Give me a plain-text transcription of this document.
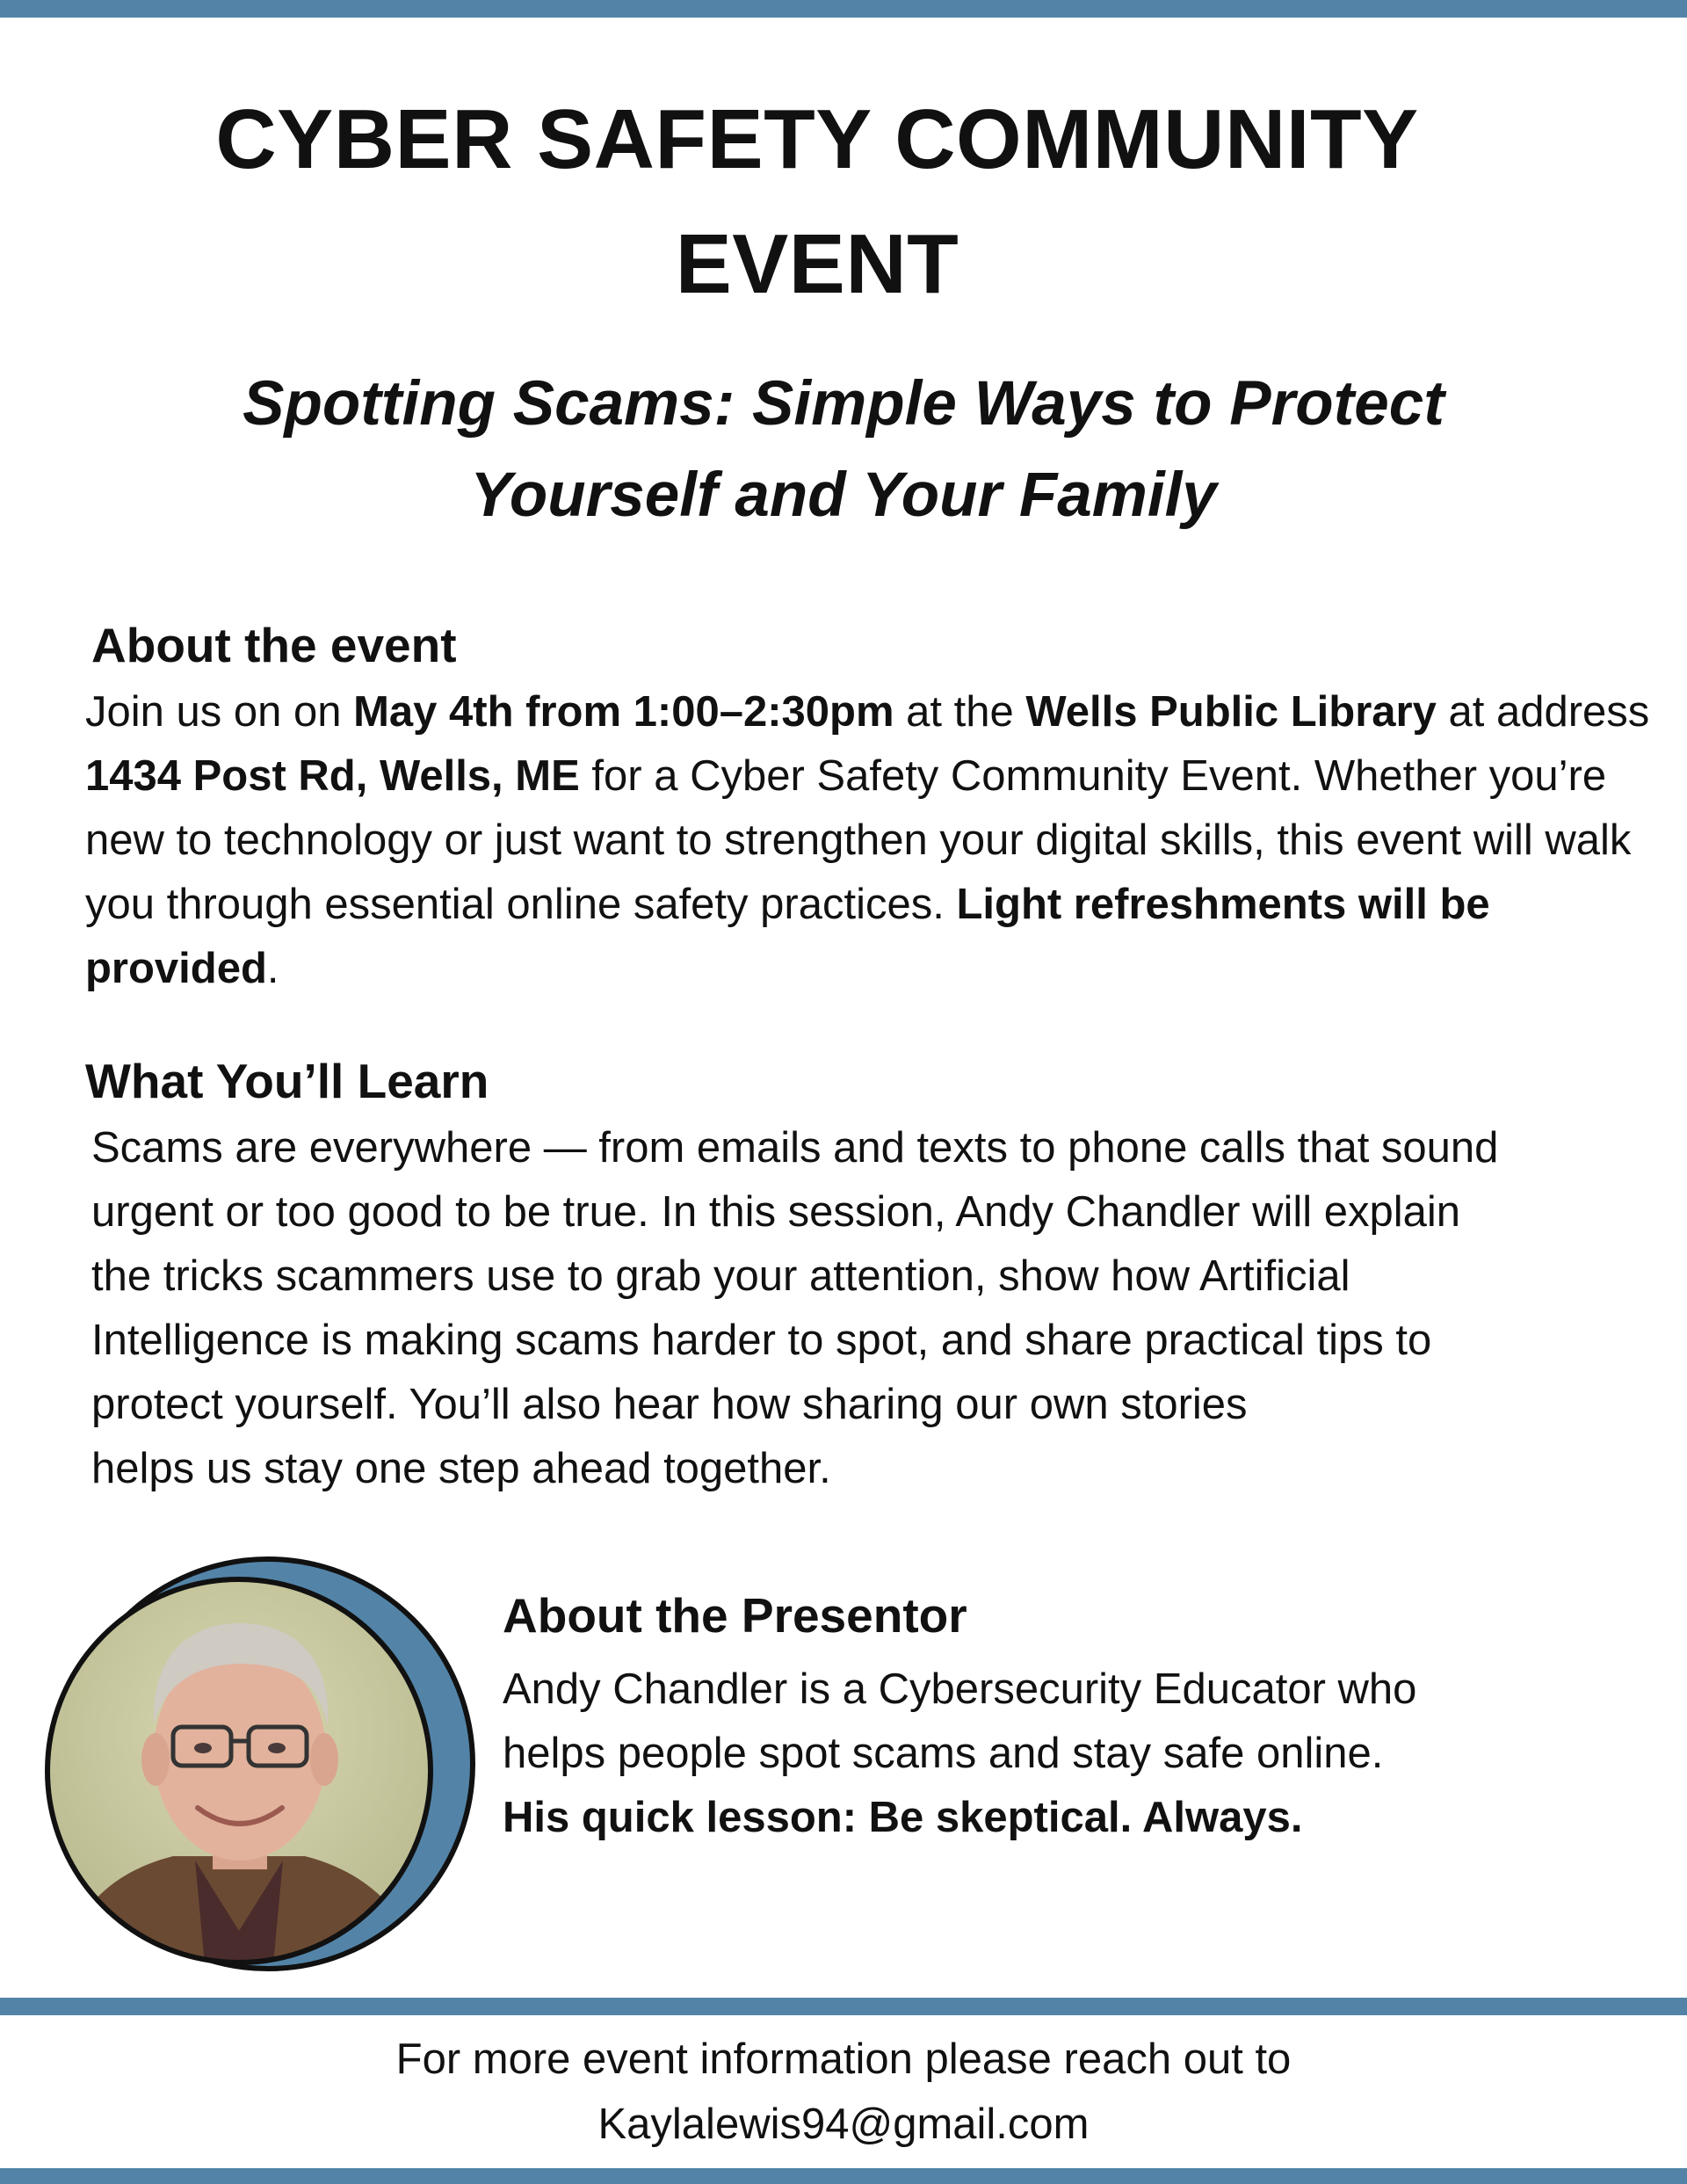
CYBER SAFETY COMMUNITY
EVENT
Spotting Scams: Simple Ways to Protect
Yourself and Your Family
About the event

Join us on on May 4th from 1:00–2:30pm at the Wells Public Library at address 1434 Post Rd, Wells, ME for a Cyber Safety Community Event. Whether you’re new to technology or just want to strengthen your digital skills, this event will walk you through essential online safety practices. Light refreshments will be provided.

What You’ll Learn

Scams are everywhere — from emails and texts to phone calls that sound
urgent or too good to be true. In this session, Andy Chandler will explain
the tricks scammers use to grab your attention, show how Artificial
Intelligence is making scams harder to spot, and share practical tips to
protect yourself. You’ll also hear how sharing our own stories
helps us stay one step ahead together.

About the Presentor

Andy Chandler is a Cybersecurity Educator who
helps people spot scams and stay safe online.
His quick lesson: Be skeptical. Always.

For more event information please reach out to

Kaylalewis94@gmail.com
